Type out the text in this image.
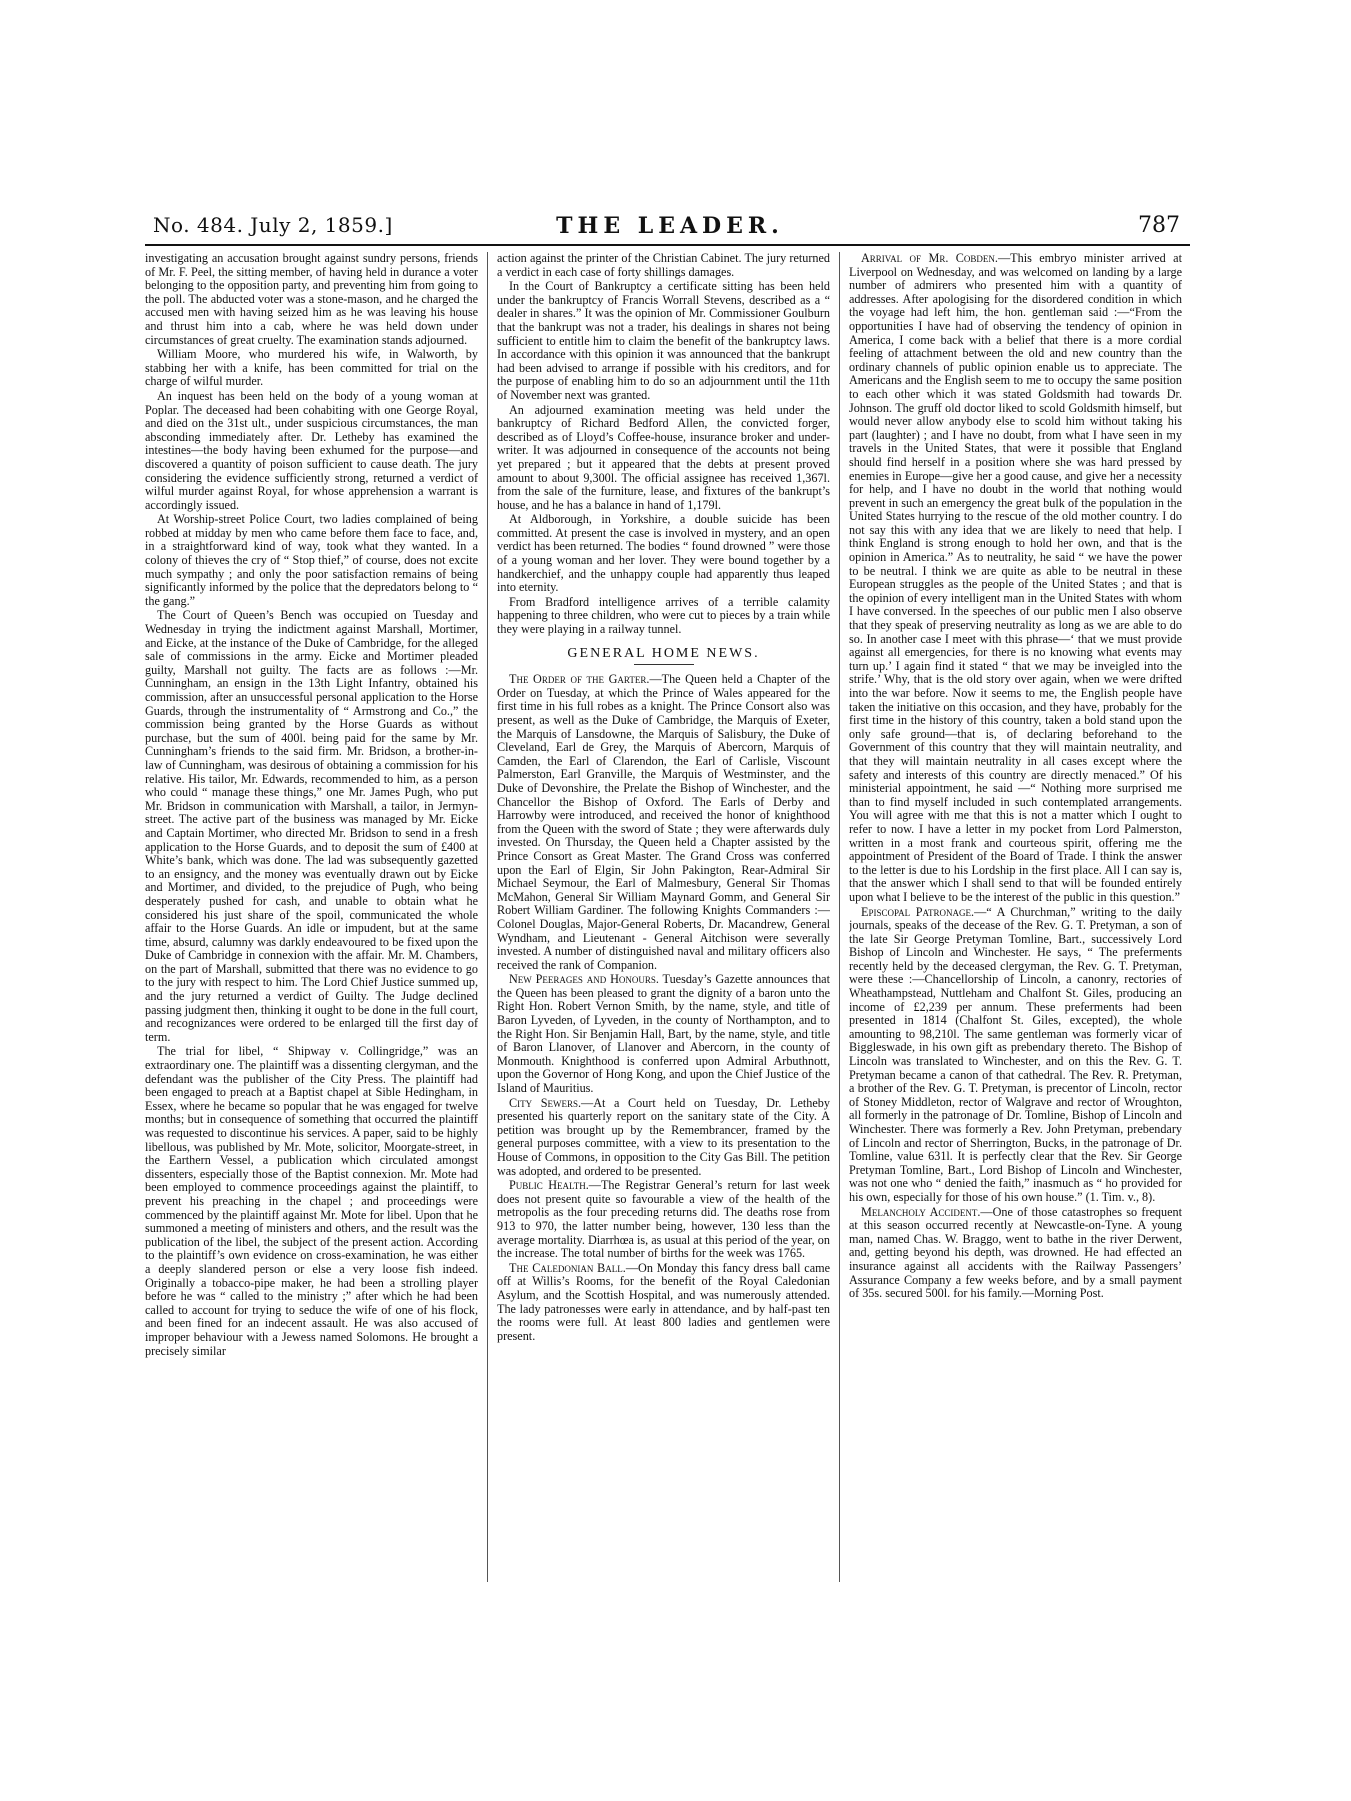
No. 484. July 2, 1859.]	THE LEADER.	787

investigating an accusation brought against sundry persons, friends of Mr. F. Peel, the sitting member, of having held in durance a voter belonging to the opposition party, and preventing him from going to the poll. The abducted voter was a stone-mason, and he charged the accused men with having seized him as he was leaving his house and thrust him into a cab, where he was held down under circumstances of great cruelty. The examination stands adjourned.

William Moore, who murdered his wife, in Walworth, by stabbing her with a knife, has been committed for trial on the charge of wilful murder.

An inquest has been held on the body of a young woman at Poplar. The deceased had been cohabiting with one George Royal, and died on the 31st ult., under suspicious circumstances, the man absconding immediately after. Dr. Letheby has examined the intestines—the body having been exhumed for the purpose—and discovered a quantity of poison sufficient to cause death. The jury considering the evidence sufficiently strong, returned a verdict of wilful murder against Royal, for whose apprehension a warrant is accordingly issued.

At Worship-street Police Court, two ladies complained of being robbed at midday by men who came before them face to face, and, in a straightforward kind of way, took what they wanted. In a colony of thieves the cry of “ Stop thief,” of course, does not excite much sympathy ; and only the poor satisfaction remains of being significantly informed by the police that the depredators belong to “ the gang.”

The Court of Queen’s Bench was occupied on Tuesday and Wednesday in trying the indictment against Marshall, Mortimer, and Eicke, at the instance of the Duke of Cambridge, for the alleged sale of commissions in the army. Eicke and Mortimer pleaded guilty, Marshall not guilty. The facts are as follows :—Mr. Cunningham, an ensign in the 13th Light Infantry, obtained his commission, after an unsuccessful personal application to the Horse Guards, through the instrumentality of “ Armstrong and Co.,” the commission being granted by the Horse Guards as without purchase, but the sum of 400l. being paid for the same by Mr. Cunningham’s friends to the said firm. Mr. Bridson, a brother-in-law of Cunningham, was desirous of obtaining a commission for his relative. His tailor, Mr. Edwards, recommended to him, as a person who could “ manage these things,” one Mr. James Pugh, who put Mr. Bridson in communication with Marshall, a tailor, in Jermyn-street. The active part of the business was managed by Mr. Eicke and Captain Mortimer, who directed Mr. Bridson to send in a fresh application to the Horse Guards, and to deposit the sum of £400 at White’s bank, which was done. The lad was subsequently gazetted to an ensigncy, and the money was eventually drawn out by Eicke and Mortimer, and divided, to the prejudice of Pugh, who being desperately pushed for cash, and unable to obtain what he considered his just share of the spoil, communicated the whole affair to the Horse Guards. An idle or impudent, but at the same time, absurd, calumny was darkly endeavoured to be fixed upon the Duke of Cambridge in connexion with the affair. Mr. M. Chambers, on the part of Marshall, submitted that there was no evidence to go to the jury with respect to him. The Lord Chief Justice summed up, and the jury returned a verdict of Guilty. The Judge declined passing judgment then, thinking it ought to be done in the full court, and recognizances were ordered to be enlarged till the first day of term.

The trial for libel, “ Shipway v. Collingridge,” was an extraordinary one. The plaintiff was a dissenting clergyman, and the defendant was the publisher of the City Press. The plaintiff had been engaged to preach at a Baptist chapel at Sible Hedingham, in Essex, where he became so popular that he was engaged for twelve months; but in consequence of something that occurred the plaintiff was requested to discontinue his services. A paper, said to be highly libellous, was published by Mr. Mote, solicitor, Moorgate-street, in the Earthern Vessel, a publication which circulated amongst dissenters, especially those of the Baptist connexion. Mr. Mote had been employed to commence proceedings against the plaintiff, to prevent his preaching in the chapel ; and proceedings were commenced by the plaintiff against Mr. Mote for libel. Upon that he summoned a meeting of ministers and others, and the result was the publication of the libel, the subject of the present action. According to the plaintiff’s own evidence on cross-examination, he was either a deeply slandered person or else a very loose fish indeed. Originally a tobacco-pipe maker, he had been a strolling player before he was “ called to the ministry ;” after which he had been called to account for trying to seduce the wife of one of his flock, and been fined for an indecent assault. He was also accused of improper behaviour with a Jewess named Solomons. He brought a precisely similar

action against the printer of the Christian Cabinet. The jury returned a verdict in each case of forty shillings damages.

In the Court of Bankruptcy a certificate sitting has been held under the bankruptcy of Francis Worrall Stevens, described as a “ dealer in shares.” It was the opinion of Mr. Commissioner Goulburn that the bankrupt was not a trader, his dealings in shares not being sufficient to entitle him to claim the benefit of the bankruptcy laws. In accordance with this opinion it was announced that the bankrupt had been advised to arrange if possible with his creditors, and for the purpose of enabling him to do so an adjournment until the 11th of November next was granted.

An adjourned examination meeting was held under the bankruptcy of Richard Bedford Allen, the convicted forger, described as of Lloyd’s Coffee-house, insurance broker and under-writer. It was adjourned in consequence of the accounts not being yet prepared ; but it appeared that the debts at present proved amount to about 9,300l. The official assignee has received 1,367l. from the sale of the furniture, lease, and fixtures of the bankrupt’s house, and he has a balance in hand of 1,179l.

At Aldborough, in Yorkshire, a double suicide has been committed. At present the case is involved in mystery, and an open verdict has been returned. The bodies “ found drowned ” were those of a young woman and her lover. They were bound together by a handkerchief, and the unhappy couple had apparently thus leaped into eternity.

From Bradford intelligence arrives of a terrible calamity happening to three children, who were cut to pieces by a train while they were playing in a railway tunnel.

GENERAL HOME NEWS.

The Order of the Garter.—The Queen held a Chapter of the Order on Tuesday, at which the Prince of Wales appeared for the first time in his full robes as a knight. The Prince Consort also was present, as well as the Duke of Cambridge, the Marquis of Exeter, the Marquis of Lansdowne, the Marquis of Salisbury, the Duke of Cleveland, Earl de Grey, the Marquis of Abercorn, Marquis of Camden, the Earl of Clarendon, the Earl of Carlisle, Viscount Palmerston, Earl Granville, the Marquis of Westminster, and the Duke of Devonshire, the Prelate the Bishop of Winchester, and the Chancellor the Bishop of Oxford. The Earls of Derby and Harrowby were introduced, and received the honor of knighthood from the Queen with the sword of State ; they were afterwards duly invested. On Thursday, the Queen held a Chapter assisted by the Prince Consort as Great Master. The Grand Cross was conferred upon the Earl of Elgin, Sir John Pakington, Rear-Admiral Sir Michael Seymour, the Earl of Malmesbury, General Sir Thomas McMahon, General Sir William Maynard Gomm, and General Sir Robert William Gardiner. The following Knights Commanders :—Colonel Douglas, Major-General Roberts, Dr. Macandrew, General Wyndham, and Lieutenant - General Aitchison were severally invested. A number of distinguished naval and military officers also received the rank of Companion.

New Peerages and Honours. Tuesday’s Gazette announces that the Queen has been pleased to grant the dignity of a baron unto the Right Hon. Robert Vernon Smith, by the name, style, and title of Baron Lyveden, of Lyveden, in the county of Northampton, and to the Right Hon. Sir Benjamin Hall, Bart, by the name, style, and title of Baron Llanover, of Llanover and Abercorn, in the county of Monmouth. Knighthood is conferred upon Admiral Arbuthnott, upon the Governor of Hong Kong, and upon the Chief Justice of the Island of Mauritius.

City Sewers.—At a Court held on Tuesday, Dr. Letheby presented his quarterly report on the sanitary state of the City. A petition was brought up by the Remembrancer, framed by the general purposes committee, with a view to its presentation to the House of Commons, in opposition to the City Gas Bill. The petition was adopted, and ordered to be presented.

Public Health.—The Registrar General’s return for last week does not present quite so favourable a view of the health of the metropolis as the four preceding returns did. The deaths rose from 913 to 970, the latter number being, however, 130 less than the average mortality. Diarrhœa is, as usual at this period of the year, on the increase. The total number of births for the week was 1765.

The Caledonian Ball.—On Monday this fancy dress ball came off at Willis’s Rooms, for the benefit of the Royal Caledonian Asylum, and the Scottish Hospital, and was numerously attended. The lady patronesses were early in attendance, and by half-past ten the rooms were full. At least 800 ladies and gentlemen were present.

Arrival of Mr. Cobden.—This embryo minister arrived at Liverpool on Wednesday, and was welcomed on landing by a large number of admirers who presented him with a quantity of addresses. After apologising for the disordered condition in which the voyage had left him, the hon. gentleman said :—“From the opportunities I have had of observing the tendency of opinion in America, I come back with a belief that there is a more cordial feeling of attachment between the old and new country than the ordinary channels of public opinion enable us to appreciate. The Americans and the English seem to me to occupy the same position to each other which it was stated Goldsmith had towards Dr. Johnson. The gruff old doctor liked to scold Goldsmith himself, but would never allow anybody else to scold him without taking his part (laughter) ; and I have no doubt, from what I have seen in my travels in the United States, that were it possible that England should find herself in a position where she was hard pressed by enemies in Europe—give her a good cause, and give her a necessity for help, and I have no doubt in the world that nothing would prevent in such an emergency the great bulk of the population in the United States hurrying to the rescue of the old mother country. I do not say this with any idea that we are likely to need that help. I think England is strong enough to hold her own, and that is the opinion in America.” As to neutrality, he said “ we have the power to be neutral. I think we are quite as able to be neutral in these European struggles as the people of the United States ; and that is the opinion of every intelligent man in the United States with whom I have conversed. In the speeches of our public men I also observe that they speak of preserving neutrality as long as we are able to do so. In another case I meet with this phrase—‘ that we must provide against all emergencies, for there is no knowing what events may turn up.’ I again find it stated “ that we may be inveigled into the strife.’ Why, that is the old story over again, when we were drifted into the war before. Now it seems to me, the English people have taken the initiative on this occasion, and they have, probably for the first time in the history of this country, taken a bold stand upon the only safe ground—that is, of declaring beforehand to the Government of this country that they will maintain neutrality, and that they will maintain neutrality in all cases except where the safety and interests of this country are directly menaced.” Of his ministerial appointment, he said —“ Nothing more surprised me than to find myself included in such contemplated arrangements. You will agree with me that this is not a matter which I ought to refer to now. I have a letter in my pocket from Lord Palmerston, written in a most frank and courteous spirit, offering me the appointment of President of the Board of Trade. I think the answer to the letter is due to his Lordship in the first place. All I can say is, that the answer which I shall send to that will be founded entirely upon what I believe to be the interest of the public in this question.”

Episcopal Patronage.—“ A Churchman,” writing to the daily journals, speaks of the decease of the Rev. G. T. Pretyman, a son of the late Sir George Pretyman Tomline, Bart., successively Lord Bishop of Lincoln and Winchester. He says, “ The preferments recently held by the deceased clergyman, the Rev. G. T. Pretyman, were these :—Chancellorship of Lincoln, a canonry, rectories of Wheathampstead, Nuttleham and Chalfont St. Giles, producing an income of £2,239 per annum. These preferments had been presented in 1814 (Chalfont St. Giles, excepted), the whole amounting to 98,210l. The same gentleman was formerly vicar of Biggleswade, in his own gift as prebendary thereto. The Bishop of Lincoln was translated to Winchester, and on this the Rev. G. T. Pretyman became a canon of that cathedral. The Rev. R. Pretyman, a brother of the Rev. G. T. Pretyman, is precentor of Lincoln, rector of Stoney Middleton, rector of Walgrave and rector of Wroughton, all formerly in the patronage of Dr. Tomline, Bishop of Lincoln and Winchester. There was formerly a Rev. John Pretyman, prebendary of Lincoln and rector of Sherrington, Bucks, in the patronage of Dr. Tomline, value 631l. It is perfectly clear that the Rev. Sir George Pretyman Tomline, Bart., Lord Bishop of Lincoln and Winchester, was not one who “ denied the faith,” inasmuch as “ ho provided for his own, especially for those of his own house.” (1. Tim. v., 8).

Melancholy Accident.—One of those catastrophes so frequent at this season occurred recently at Newcastle-on-Tyne. A young man, named Chas. W. Braggo, went to bathe in the river Derwent, and, getting beyond his depth, was drowned. He had effected an insurance against all accidents with the Railway Passengers’ Assurance Company a few weeks before, and by a small payment of 35s. secured 500l. for his family.—Morning Post.
